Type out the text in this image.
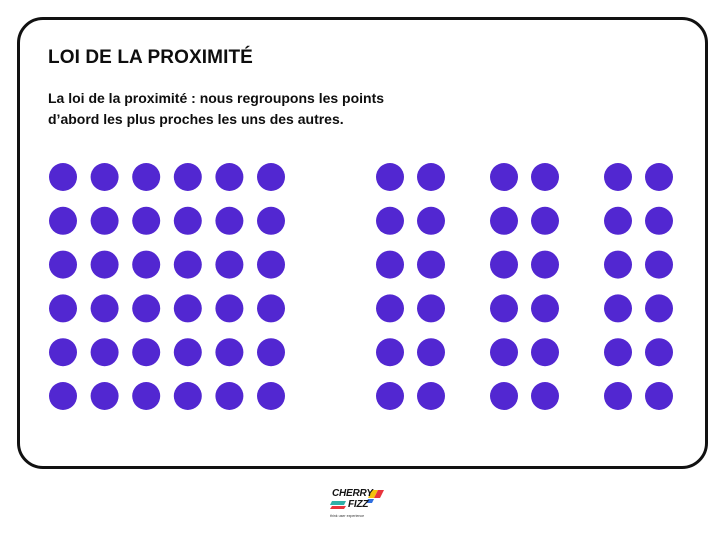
LOI DE LA PROXIMITÉ

La loi de la proximité : nous regroupons les points d’abord les plus proches les uns des autres.

CHERRY
FIZZ
think user experience
